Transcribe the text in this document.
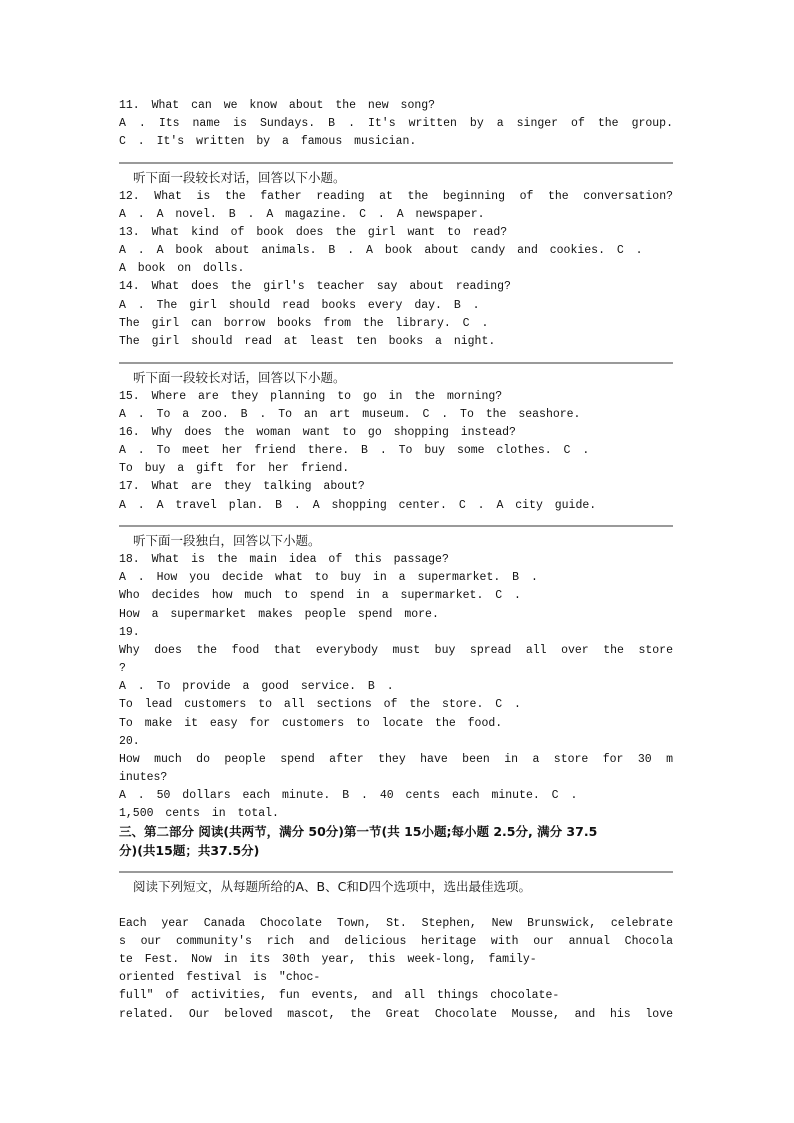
11. What can we know about the new song?
A . Its name is Sundays. B . It's written by a singer of the group.
C . It's written by a famous musician.
听下面一段较长对话，回答以下小题。
12. What is the father reading at the beginning of the conversation?
A . A novel. B . A magazine. C . A newspaper.
13. What kind of book does the girl want to read?
A . A book about animals. B . A book about candy and cookies. C .
A book on dolls.
14. What does the girl's teacher say about reading?
A . The girl should read books every day. B .
The girl can borrow books from the library. C .
The girl should read at least ten books a night.
听下面一段较长对话，回答以下小题。
15. Where are they planning to go in the morning?
A . To a zoo. B . To an art museum. C . To the seashore.
16. Why does the woman want to go shopping instead?
A . To meet her friend there. B . To buy some clothes. C .
To buy a gift for her friend.
17. What are they talking about?
A . A travel plan. B . A shopping center. C . A city guide.
听下面一段独白，回答以下小题。
18. What is the main idea of this passage?
A . How you decide what to buy in a supermarket. B .
Who decides how much to spend in a supermarket. C .
How a supermarket makes people spend more.
19.
Why does the food that everybody must buy spread all over the store
?
A . To provide a good service. B .
To lead customers to all sections of the store. C .
To make it easy for customers to locate the food.
20.
How much do people spend after they have been in a store for 30 m
inutes?
A . 50 dollars each minute. B . 40 cents each minute. C .
1,500 cents in total.
三、第二部分 阅读(共两节，满分 50分)第一节(共 15小题;每小题 2.5分, 满分 37.5
分)(共15题；共37.5分)
阅读下列短文，从每题所给的A、B、C和D四个选项中，选出最佳选项。
Each year Canada Chocolate Town, St. Stephen, New Brunswick, celebrate
s our community's rich and delicious heritage with our annual Chocola
te Fest. Now in its 30th year, this week-long, family-
oriented festival is "choc-
full" of activities, fun events, and all things chocolate-
related. Our beloved mascot, the Great Chocolate Mousse, and his love
